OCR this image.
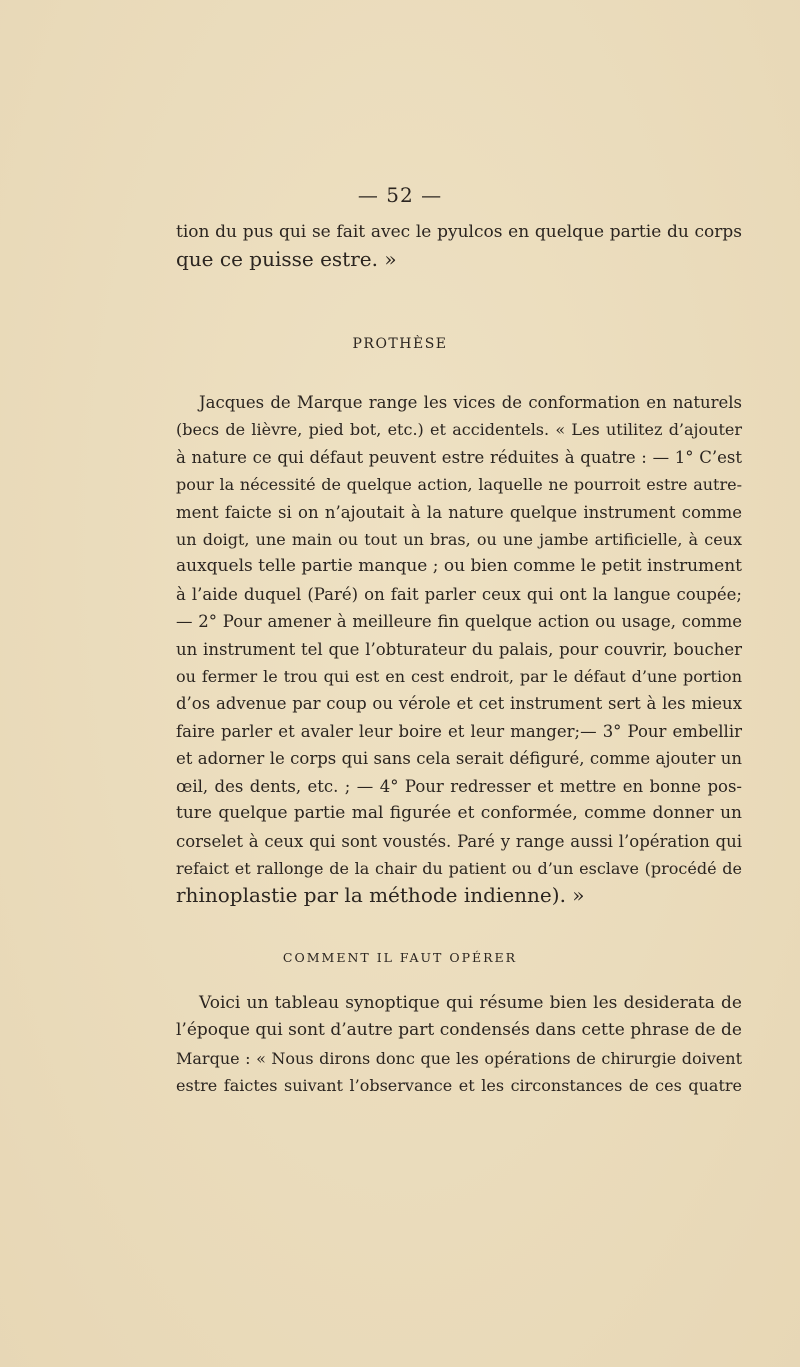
— 52 —
tion du pus qui se fait avec le pyulcos en quelque partie du corps
que ce puisse estre. »
PROTHÈSE
Jacques de Marque range les vices de conformation en naturels
(becs de lièvre, pied bot, etc.) et accidentels. « Les utilitez d’ajouter
à nature ce qui défaut peuvent estre réduites à quatre : — 1° C’est
pour la nécessité de quelque action, laquelle ne pourroit estre autre-
ment faicte si on n’ajoutait à la nature quelque instrument comme
un doigt, une main ou tout un bras, ou une jambe artificielle, à ceux
auxquels telle partie manque ; ou bien comme le petit instrument
à l’aide duquel (Paré) on fait parler ceux qui ont la langue coupée;
— 2° Pour amener à meilleure fin quelque action ou usage, comme
un instrument tel que l’obturateur du palais, pour couvrir, boucher
ou fermer le trou qui est en cest endroit, par le défaut d’une portion
d’os advenue par coup ou vérole et cet instrument sert à les mieux
faire parler et avaler leur boire et leur manger;— 3° Pour embellir
et adorner le corps qui sans cela serait défiguré, comme ajouter un
œil, des dents, etc. ; — 4° Pour redresser et mettre en bonne pos-
ture quelque partie mal figurée et conformée, comme donner un
corselet à ceux qui sont voustés. Paré y range aussi l’opération qui
refaict et rallonge de la chair du patient ou d’un esclave (procédé de
rhinoplastie par la méthode indienne). »
COMMENT IL FAUT OPÉRER
Voici un tableau synoptique qui résume bien les desiderata de
l’époque qui sont d’autre part condensés dans cette phrase de de
Marque : « Nous dirons donc que les opérations de chirurgie doivent
estre faictes suivant l’observance et les circonstances de ces quatre
